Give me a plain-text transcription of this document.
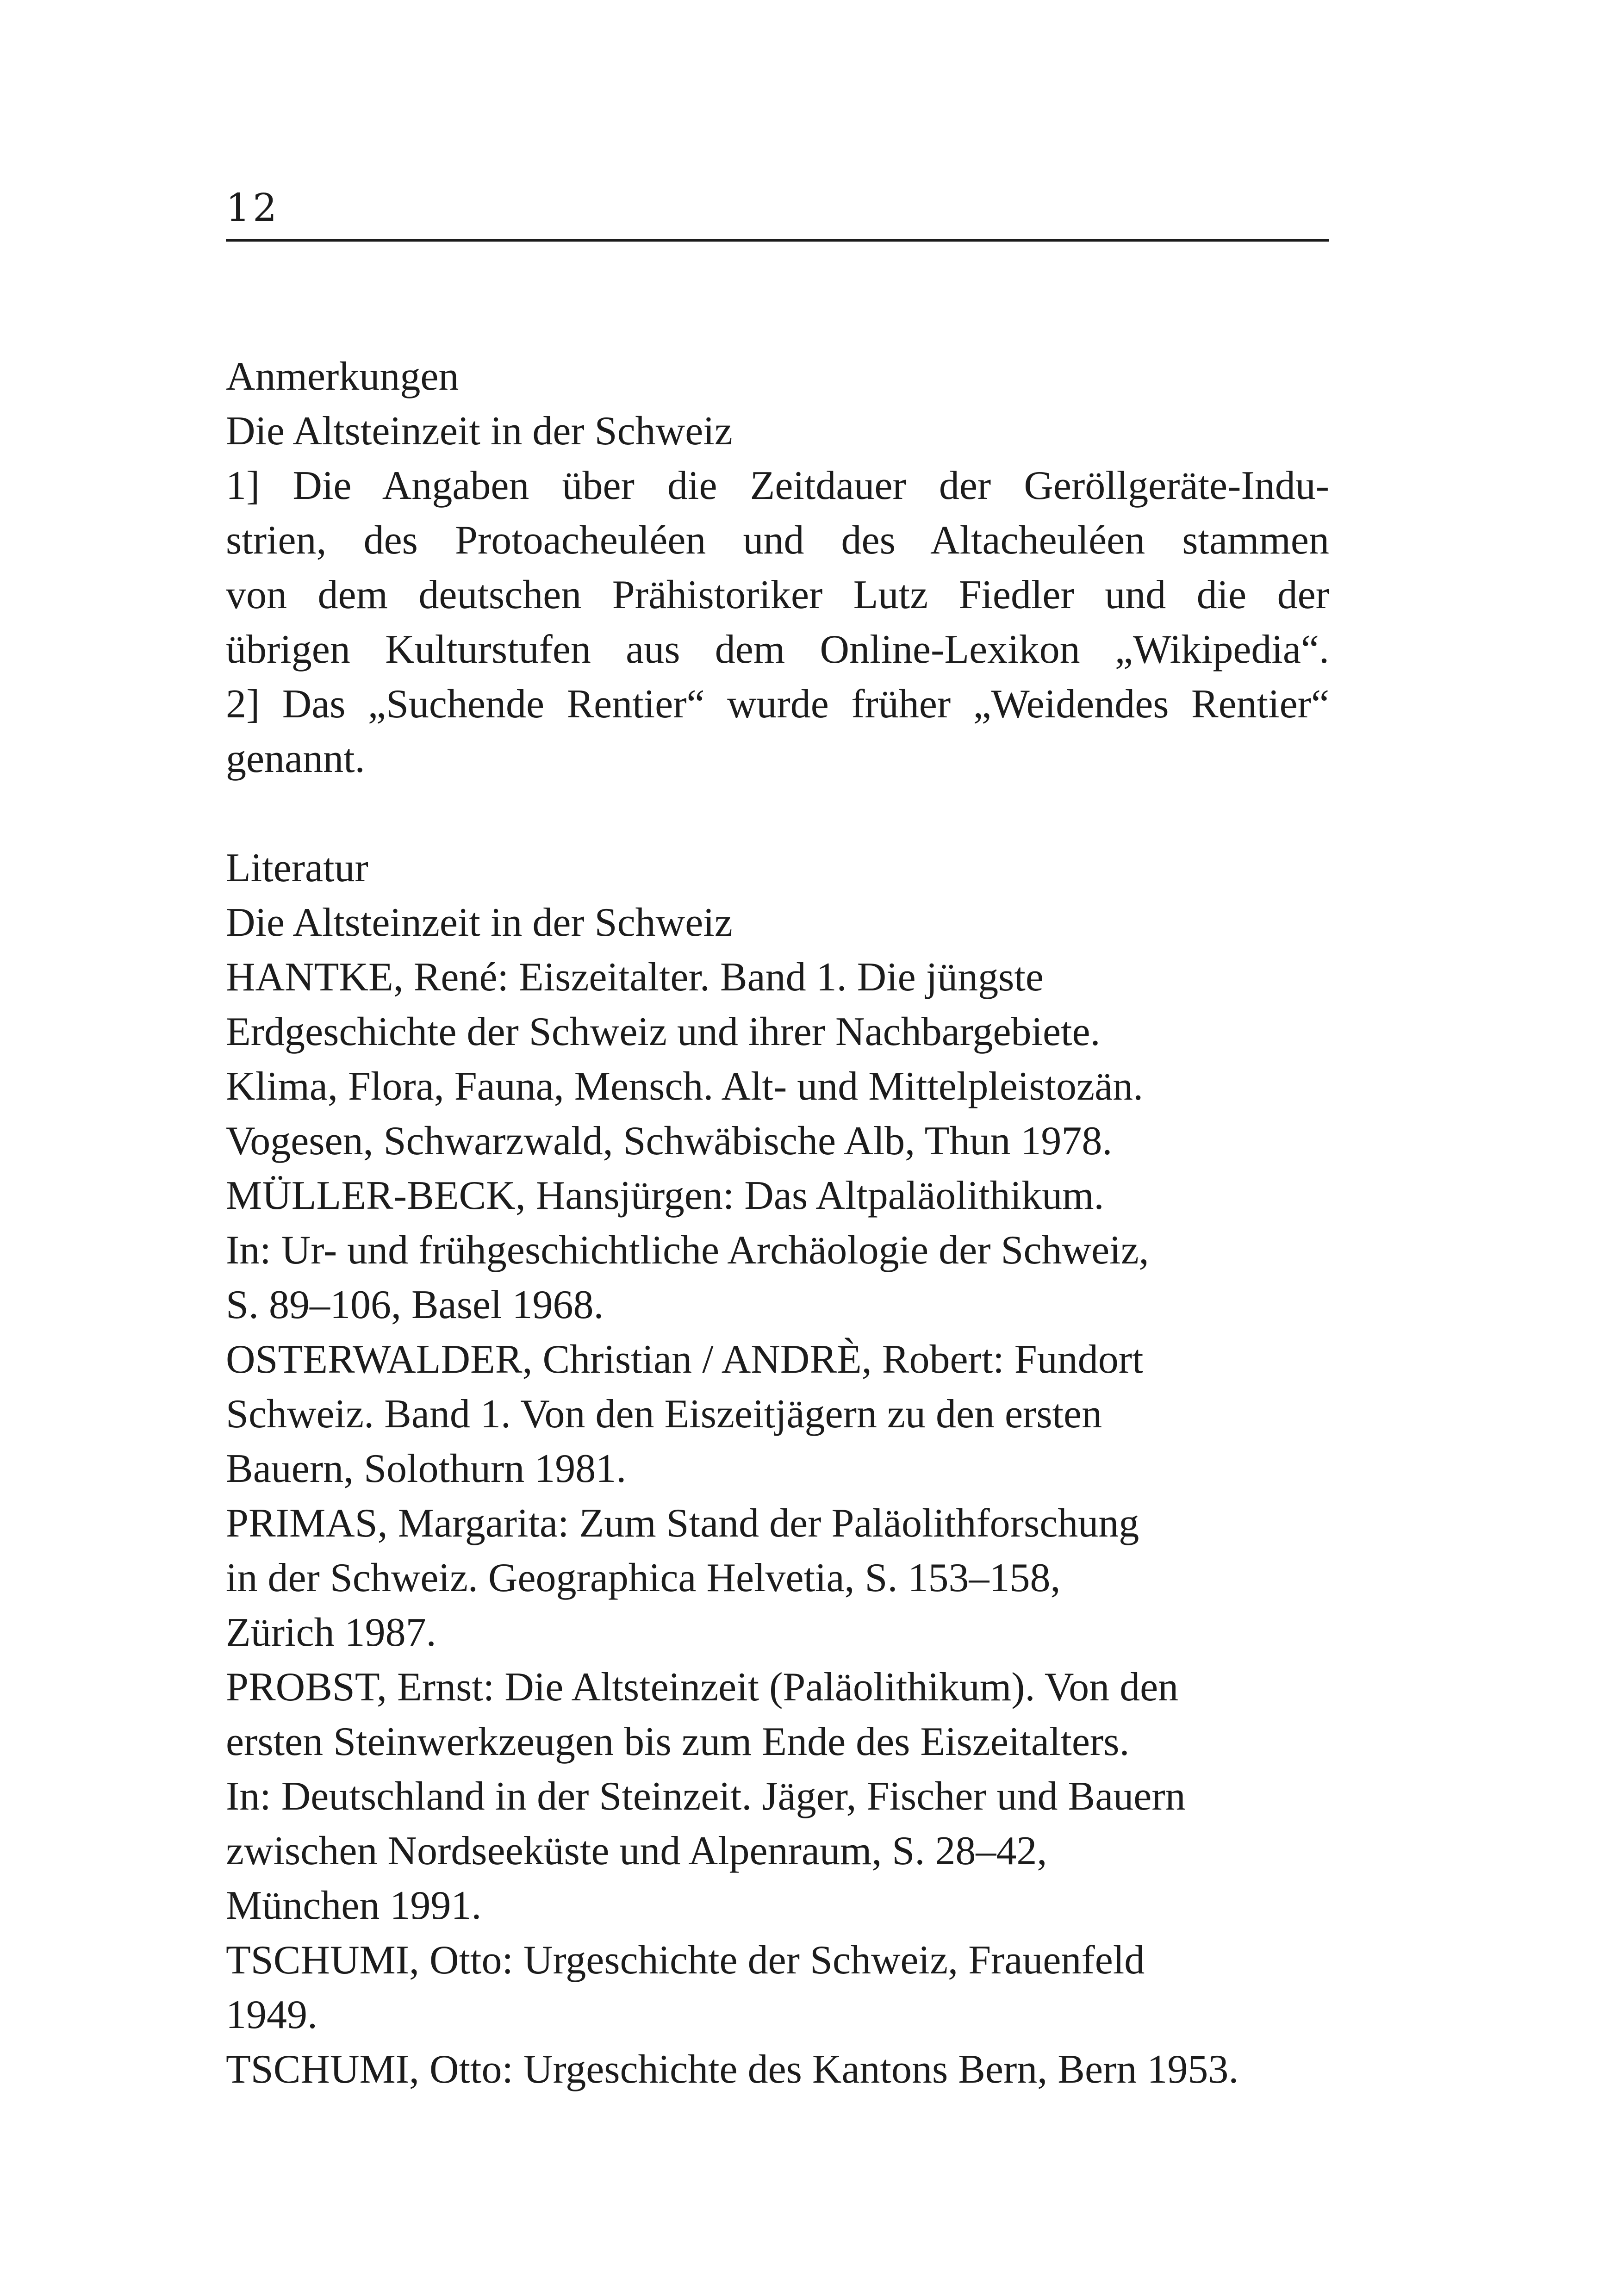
12
Anmerkungen
Die Altsteinzeit in der Schweiz
1] Die Angaben über die Zeitdauer der Geröllgeräte-Indu-
strien, des Protoacheuléen und des Altacheuléen stammen
von dem deutschen Prähistoriker Lutz Fiedler und die der
übrigen Kulturstufen aus dem Online-Lexikon „Wikipedia“.
2] Das „Suchende Rentier“ wurde früher „Weidendes Rentier“
genannt.
Literatur
Die Altsteinzeit in der Schweiz
HANTKE, René: Eiszeitalter. Band 1. Die jüngste
Erdgeschichte der Schweiz und ihrer Nachbargebiete.
Klima, Flora, Fauna, Mensch. Alt- und Mittelpleistozän.
Vogesen, Schwarzwald, Schwäbische Alb, Thun 1978.
MÜLLER-BECK, Hansjürgen: Das Altpaläolithikum.
In: Ur- und frühgeschichtliche Archäologie der Schweiz,
S. 89–106, Basel 1968.
OSTERWALDER, Christian / ANDRÈ, Robert: Fundort
Schweiz. Band 1. Von den Eiszeitjägern zu den ersten
Bauern, Solothurn 1981.
PRIMAS, Margarita: Zum Stand der Paläolithforschung
in der Schweiz. Geographica Helvetia, S. 153–158,
Zürich 1987.
PROBST, Ernst: Die Altsteinzeit (Paläolithikum). Von den
ersten Steinwerkzeugen bis zum Ende des Eiszeitalters.
In: Deutschland in der Steinzeit. Jäger, Fischer und Bauern
zwischen Nordseeküste und Alpenraum, S. 28–42,
München 1991.
TSCHUMI, Otto: Urgeschichte der Schweiz, Frauenfeld
1949.
TSCHUMI, Otto: Urgeschichte des Kantons Bern, Bern 1953.
